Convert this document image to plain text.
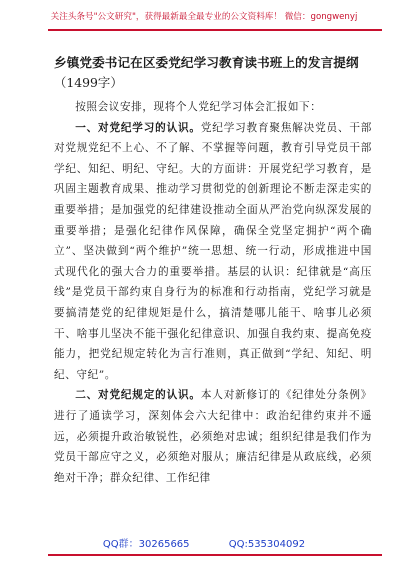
关注头条号"公文研究"，获得最新最全最专业的公文资料库！ 微信：gongwenyj

乡镇党委书记在区委党纪学习教育读书班上的发言提纲

（1499字）

按照会议安排，现将个人党纪学习体会汇报如下：

一、对党纪学习的认识。党纪学习教育聚焦解决党员、干部对党规党纪不上心、不了解、不掌握等问题，教育引导党员干部学纪、知纪、明纪、守纪。大的方面讲：开展党纪学习教育，是巩固主题教育成果、推动学习贯彻党的创新理论不断走深走实的重要举措；是加强党的纪律建设推动全面从严治党向纵深发展的重要举措；是强化纪律作风保障，确保全党坚定拥护“两个确立”、坚决做到“两个维护”统一思想、统一行动，形成推进中国式现代化的强大合力的重要举措。基层的认识：纪律就是“高压线”是党员干部约束自身行为的标准和行动指南，党纪学习就是要搞清楚党的纪律规矩是什么，搞清楚哪儿能干、啥事儿必须干、啥事儿坚决不能干强化纪律意识、加强自我约束、提高免疫能力，把党纪规定转化为言行准则，真正做到“学纪、知纪、明纪、守纪”。

二、对党纪规定的认识。本人对新修订的《纪律处分条例》进行了通读学习，深刻体会六大纪律中：政治纪律约束并不遥远，必须提升政治敏锐性，必须绝对忠诚；组织纪律是我们作为党员干部应守之义，必须绝对服从；廉洁纪律是从政底线，必须绝对干净；群众纪律、工作纪律

QQ群：30265665	QQ:535304092
